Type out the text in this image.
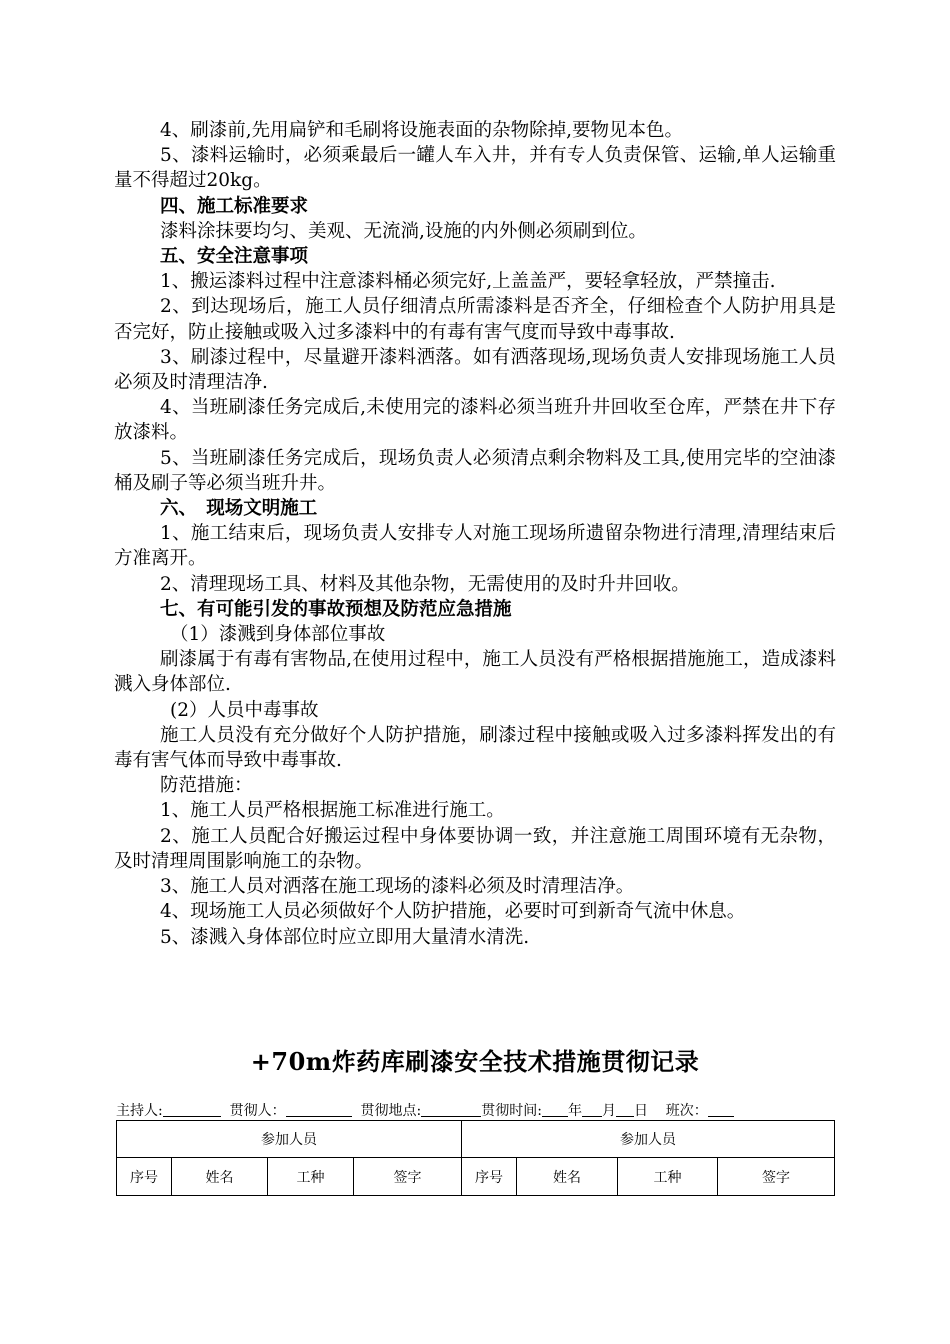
4、刷漆前,先用扁铲和毛刷将设施表面的杂物除掉,要物见本色。

5、漆料运输时，必须乘最后一罐人车入井，并有专人负责保管、运输,单人运输重量不得超过20kg。

四、施工标准要求

漆料涂抹要均匀、美观、无流淌,设施的内外侧必须刷到位。

五、安全注意事项

1、搬运漆料过程中注意漆料桶必须完好,上盖盖严，要轻拿轻放，严禁撞击.

2、到达现场后，施工人员仔细清点所需漆料是否齐全，仔细检查个人防护用具是否完好，防止接触或吸入过多漆料中的有毒有害气度而导致中毒事故.

3、刷漆过程中，尽量避开漆料洒落。如有洒落现场,现场负责人安排现场施工人员必须及时清理洁净.

4、当班刷漆任务完成后,未使用完的漆料必须当班升井回收至仓库，严禁在井下存放漆料。

5、当班刷漆任务完成后，现场负责人必须清点剩余物料及工具,使用完毕的空油漆桶及刷子等必须当班升井。

六、　现场文明施工

1、施工结束后，现场负责人安排专人对施工现场所遗留杂物进行清理,清理结束后方准离开。

2、清理现场工具、材料及其他杂物，无需使用的及时升井回收。

七、有可能引发的事故预想及防范应急措施

（1）漆溅到身体部位事故

刷漆属于有毒有害物品,在使用过程中，施工人员没有严格根据措施施工，造成漆料溅入身体部位.

(2）人员中毒事故

施工人员没有充分做好个人防护措施，刷漆过程中接触或吸入过多漆料挥发出的有毒有害气体而导致中毒事故.

防范措施：

1、施工人员严格根据施工标准进行施工。

2、施工人员配合好搬运过程中身体要协调一致，并注意施工周围环境有无杂物，及时清理周围影响施工的杂物。

3、施工人员对洒落在施工现场的漆料必须及时清理洁净。

4、现场施工人员必须做好个人防护措施，必要时可到新奇气流中休息。

5、漆溅入身体部位时应立即用大量清水清洗.

+70m炸药库刷漆安全技术措施贯彻记录
主持人:	贯彻人：	贯彻地点:	贯彻时间: 年 月 日 班次：
参加人员				参加人员			
序号	姓名	工种	签字	序号	姓名	工种	签字
